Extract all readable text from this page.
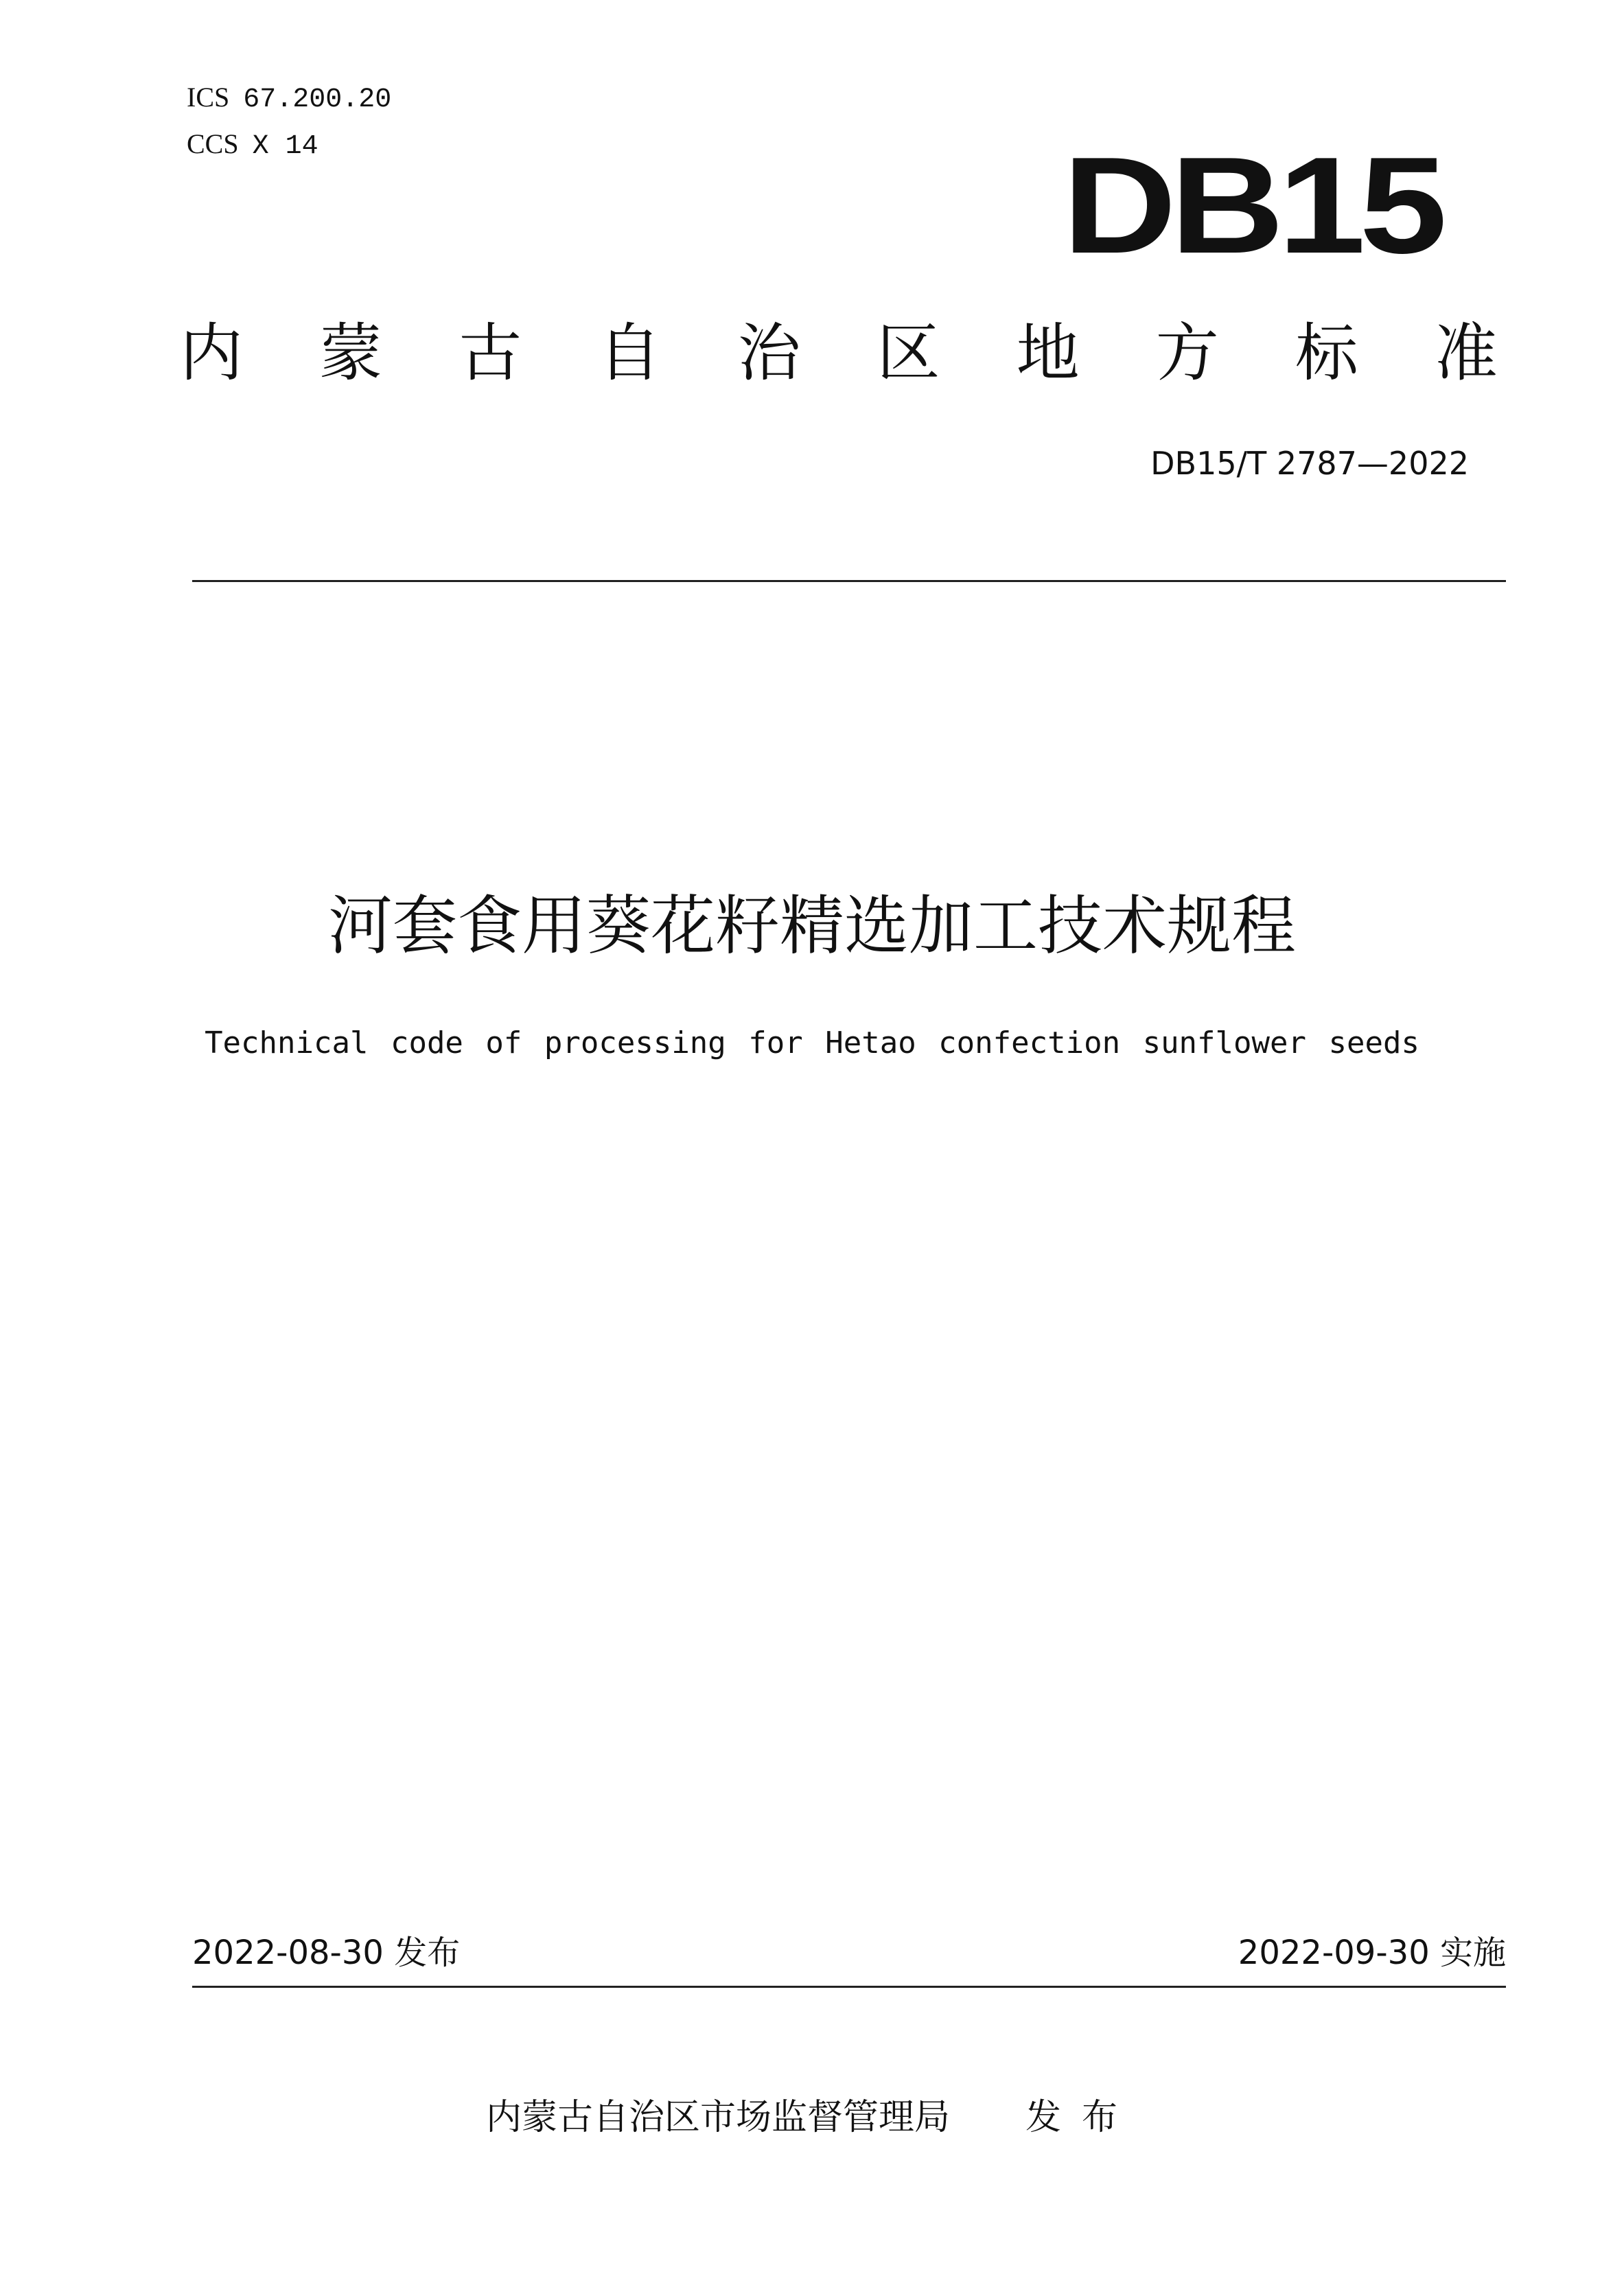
ICS 67.200.20
CCS X 14	DB15
内 蒙 古 自 治 区 地 方 标 准
DB15/T 2787—2022
河套食用葵花籽精选加工技术规程
Technical code of processing for Hetao confection sunflower seeds
2022-08-30 发布	2022-09-30 实施
内蒙古自治区市场监督管理局 发布
